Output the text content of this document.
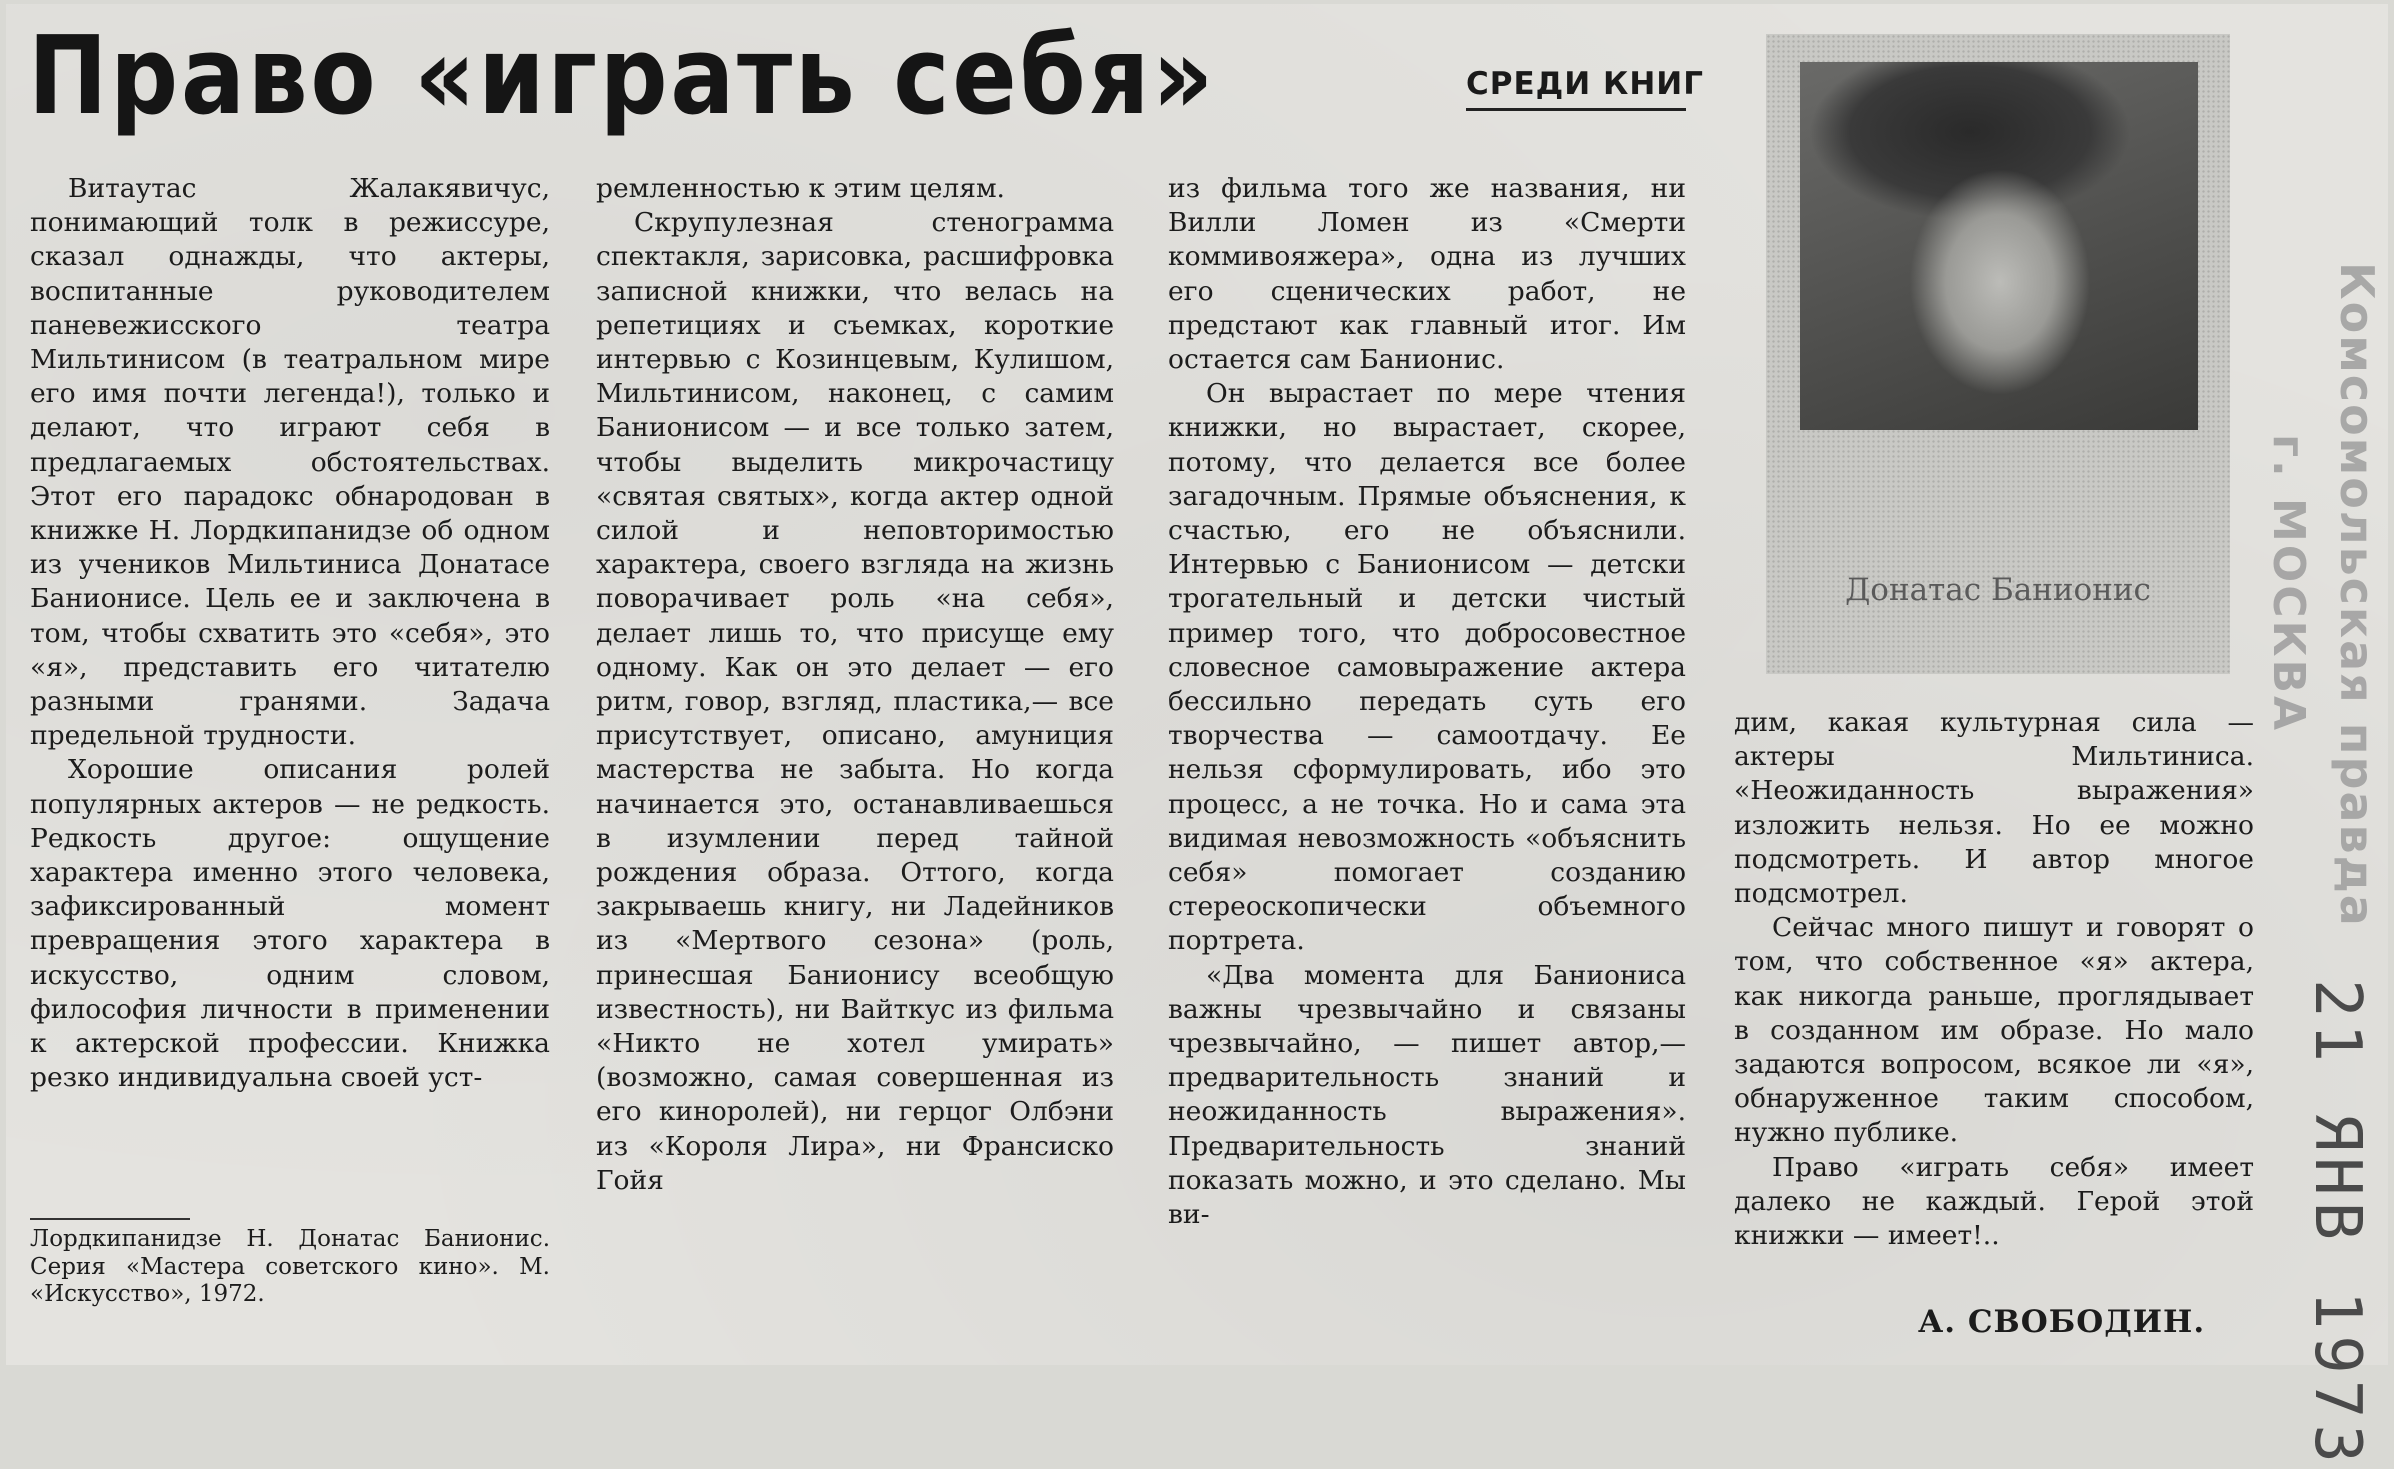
Право «играть себя»	СРЕДИ КНИГ

Витаутас Жалакявичус, понимающий толк в режиссуре, сказал однажды, что актеры, воспитанные руководителем паневежисского театра Мильтинисом (в театральном мире его имя почти легенда!), только и делают, что играют себя в предлагаемых обстоятельствах. Этот его парадокс обнародован в книжке Н. Лордкипанидзе об одном из учеников Мильтиниса Донатасе Банионисе. Цель ее и заключена в том, чтобы схватить это «себя», это «я», представить его читателю разными гранями. Задача предельной трудности.

Хорошие описания ролей популярных актеров — не редкость. Редкость другое: ощущение характера именно этого человека, зафиксированный момент превращения этого характера в искусство, одним словом, философия личности в применении к актерской профессии. Книжка резко индивидуальна своей уст-

Лордкипанидзе Н. Донатас Банионис. Серия «Мастера советского кино». М. «Искусство», 1972.

ремленностью к этим целям.

Скрупулезная стенограмма спектакля, зарисовка, расшифровка записной книжки, что велась на репетициях и съемках, короткие интервью с Козинцевым, Кулишом, Мильтинисом, наконец, с самим Банионисом — и все только затем, чтобы выделить микрочастицу «святая святых», когда актер одной силой и неповторимостью характера, своего взгляда на жизнь поворачивает роль «на себя», делает лишь то, что присуще ему одному. Как он это делает — его ритм, говор, взгляд, пластика,— все присутствует, описано, амуниция мастерства не забыта. Но когда начинается это, останавливаешься в изумлении перед тайной рождения образа. Оттого, когда закрываешь книгу, ни Ладейников из «Мертвого сезона» (роль, принесшая Банионису всеобщую известность), ни Вайткус из фильма «Никто не хотел умирать» (возможно, самая совершенная из его киноролей), ни герцог Олбэни из «Короля Лира», ни Франсиско Гойя

из фильма того же названия, ни Вилли Ломен из «Смерти коммивояжера», одна из лучших его сценических работ, не предстают как главный итог. Им остается сам Банионис.

Он вырастает по мере чтения книжки, но вырастает, скорее, потому, что делается все более загадочным. Прямые объяснения, к счастью, его не объяснили. Интервью с Банионисом — детски трогательный и детски чистый пример того, что добросовестное словесное самовыражение актера бессильно передать суть его творчества — самоотдачу. Ее нельзя сформулировать, ибо это процесс, а не точка. Но и сама эта видимая невозможность «объяснить себя» помогает созданию стереоскопически объемного портрета.

«Два момента для Баниониса важны чрезвычайно и связаны чрезвычайно, — пишет автор,— предварительность знаний и неожиданность выражения». Предварительность знаний показать можно, и это сделано. Мы ви-

Донатас Банионис

дим, какая культурная сила — актеры Мильтиниса. «Неожиданность выражения» изложить нельзя. Но ее можно подсмотреть. И автор многое подсмотрел.

Сейчас много пишут и говорят о том, что собственное «я» актера, как никогда раньше, проглядывает в созданном им образе. Но мало задаются вопросом, всякое ли «я», обнаруженное таким способом, нужно публике.

Право «играть себя» имеет далеко не каждый. Герой этой книжки — имеет!..

А. СВОБОДИН.
Комсомольская правда
г. МОСКВА
21 ЯНВ 1973
